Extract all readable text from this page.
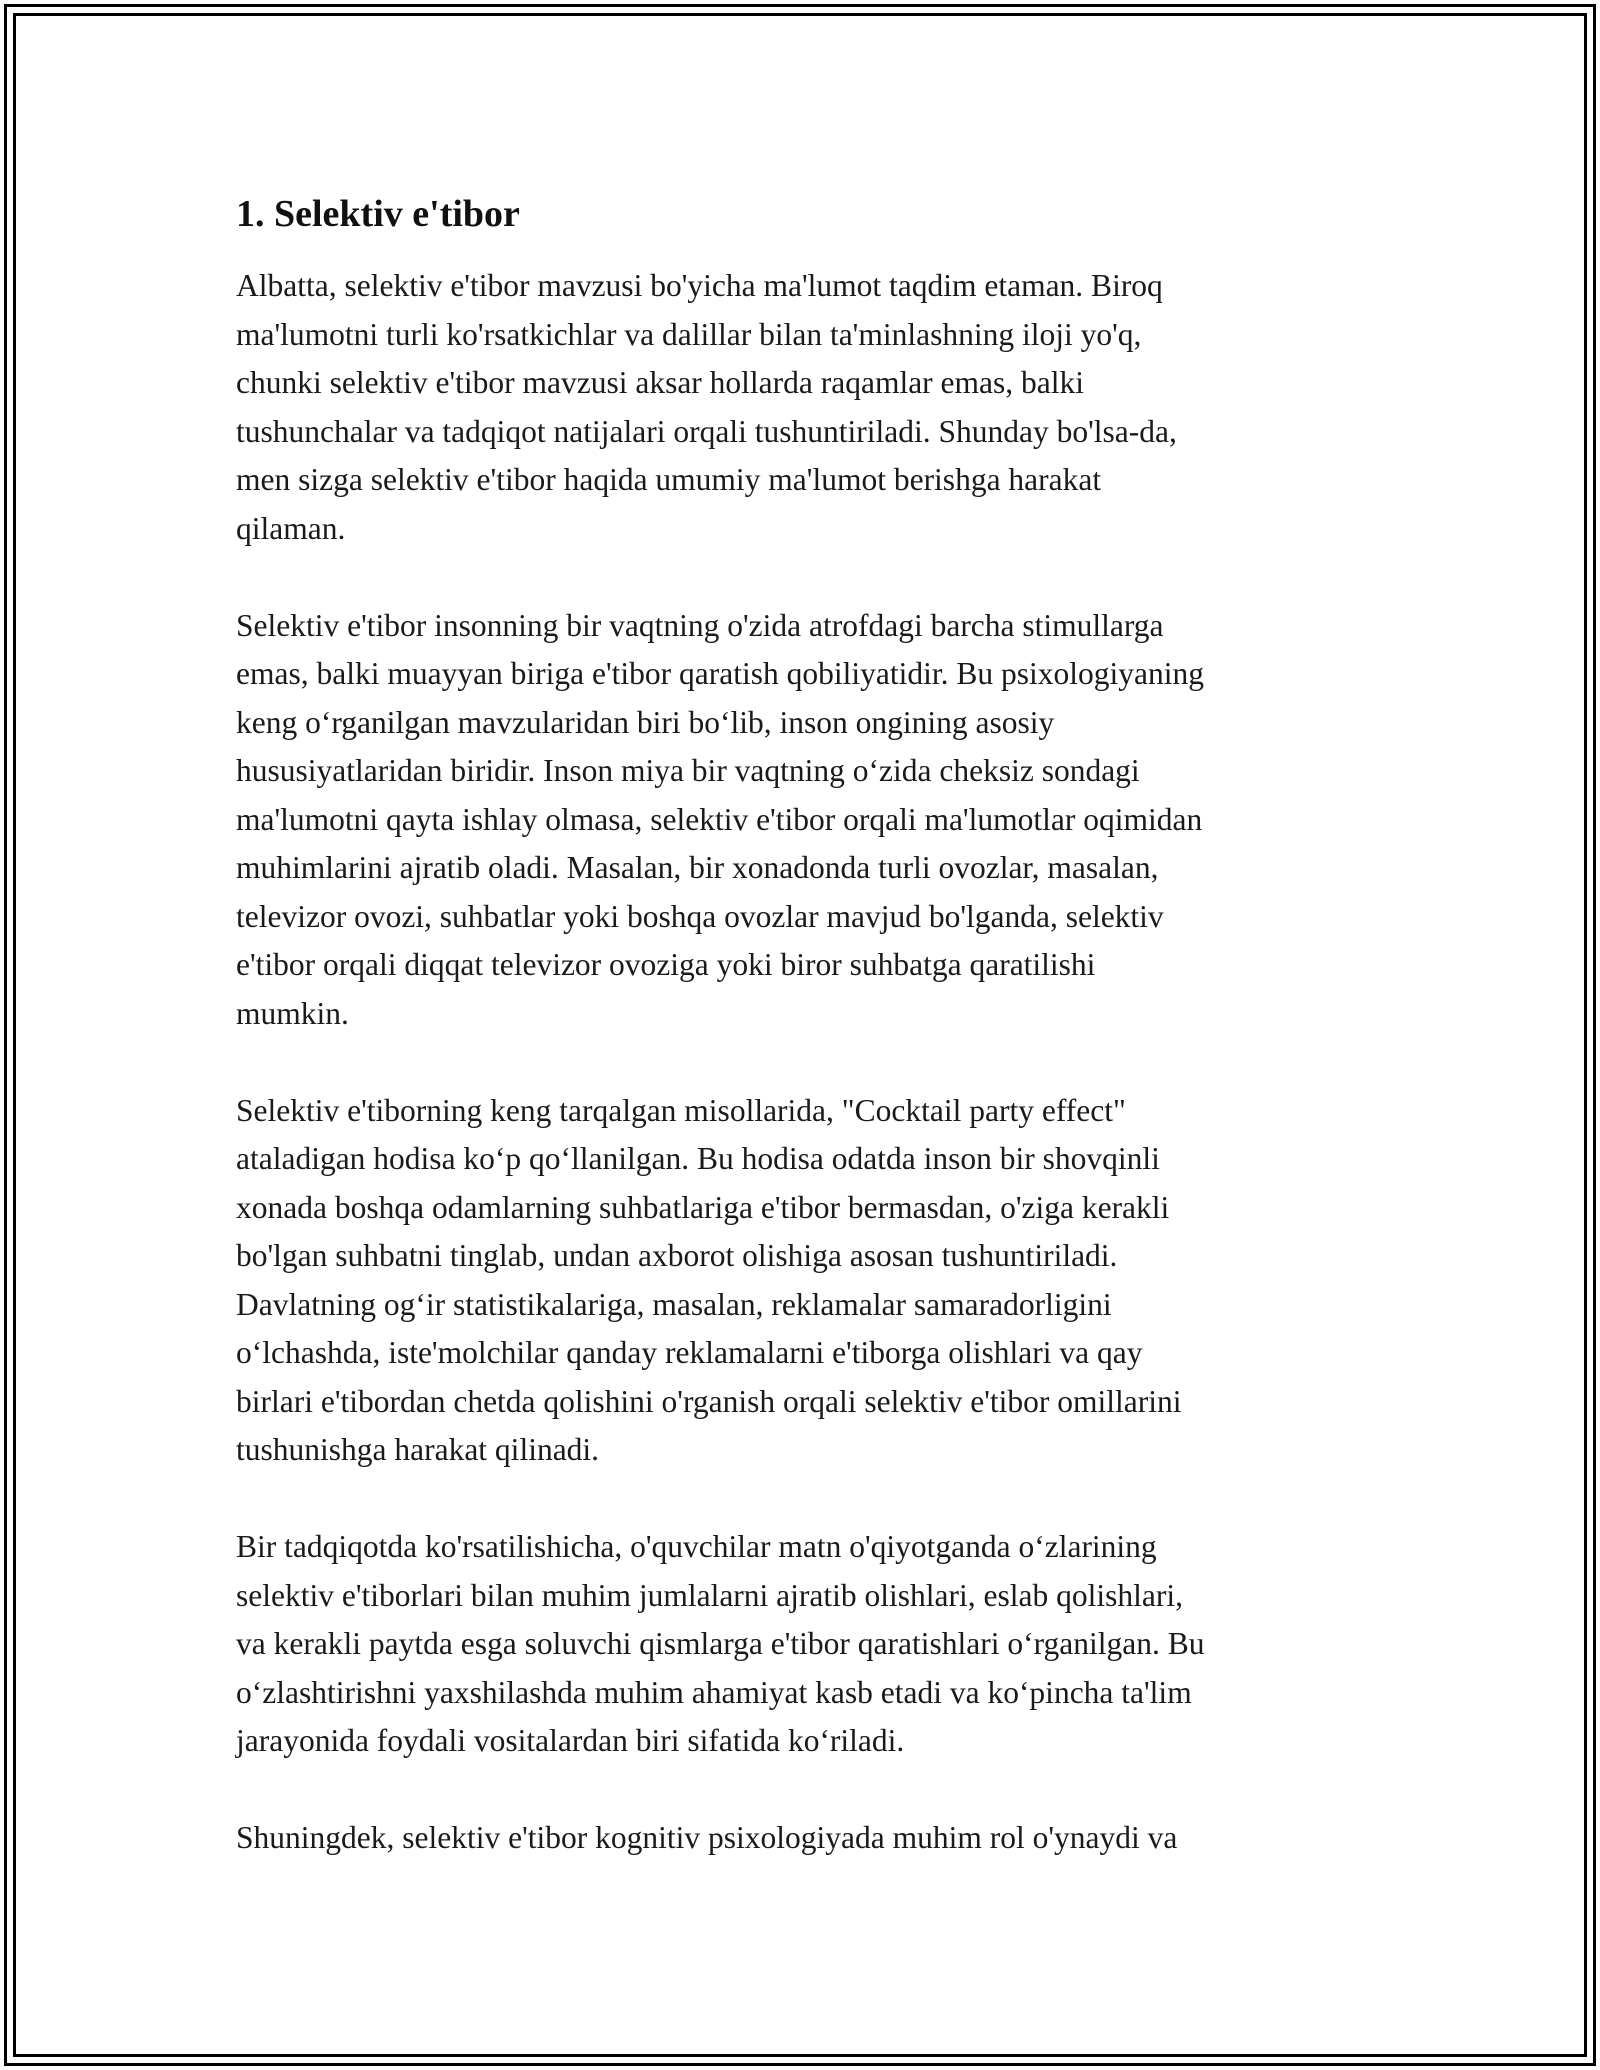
1. Selektiv e'tibor

Albatta, selektiv e'tibor mavzusi bo'yicha ma'lumot taqdim etaman. Biroq
ma'lumotni turli ko'rsatkichlar va dalillar bilan ta'minlashning iloji yo'q,
chunki selektiv e'tibor mavzusi aksar hollarda raqamlar emas, balki
tushunchalar va tadqiqot natijalari orqali tushuntiriladi. Shunday bo'lsa-da,
men sizga selektiv e'tibor haqida umumiy ma'lumot berishga harakat
qilaman.

Selektiv e'tibor insonning bir vaqtning o'zida atrofdagi barcha stimullarga
emas, balki muayyan biriga e'tibor qaratish qobiliyatidir. Bu psixologiyaning
keng o‘rganilgan mavzularidan biri bo‘lib, inson ongining asosiy
hususiyatlaridan biridir. Inson miya bir vaqtning o‘zida cheksiz sondagi
ma'lumotni qayta ishlay olmasa, selektiv e'tibor orqali ma'lumotlar oqimidan
muhimlarini ajratib oladi. Masalan, bir xonadonda turli ovozlar, masalan,
televizor ovozi, suhbatlar yoki boshqa ovozlar mavjud bo'lganda, selektiv
e'tibor orqali diqqat televizor ovoziga yoki biror suhbatga qaratilishi
mumkin.

Selektiv e'tiborning keng tarqalgan misollarida, "Cocktail party effect"
ataladigan hodisa ko‘p qo‘llanilgan. Bu hodisa odatda inson bir shovqinli
xonada boshqa odamlarning suhbatlariga e'tibor bermasdan, o'ziga kerakli
bo'lgan suhbatni tinglab, undan axborot olishiga asosan tushuntiriladi.
Davlatning og‘ir statistikalariga, masalan, reklamalar samaradorligini
o‘lchashda, iste'molchilar qanday reklamalarni e'tiborga olishlari va qay
birlari e'tibordan chetda qolishini o'rganish orqali selektiv e'tibor omillarini
tushunishga harakat qilinadi.

Bir tadqiqotda ko'rsatilishicha, o'quvchilar matn o'qiyotganda o‘zlarining
selektiv e'tiborlari bilan muhim jumlalarni ajratib olishlari, eslab qolishlari,
va kerakli paytda esga soluvchi qismlarga e'tibor qaratishlari o‘rganilgan. Bu
o‘zlashtirishni yaxshilashda muhim ahamiyat kasb etadi va ko‘pincha ta'lim
jarayonida foydali vositalardan biri sifatida ko‘riladi.

Shuningdek, selektiv e'tibor kognitiv psixologiyada muhim rol o'ynaydi va
